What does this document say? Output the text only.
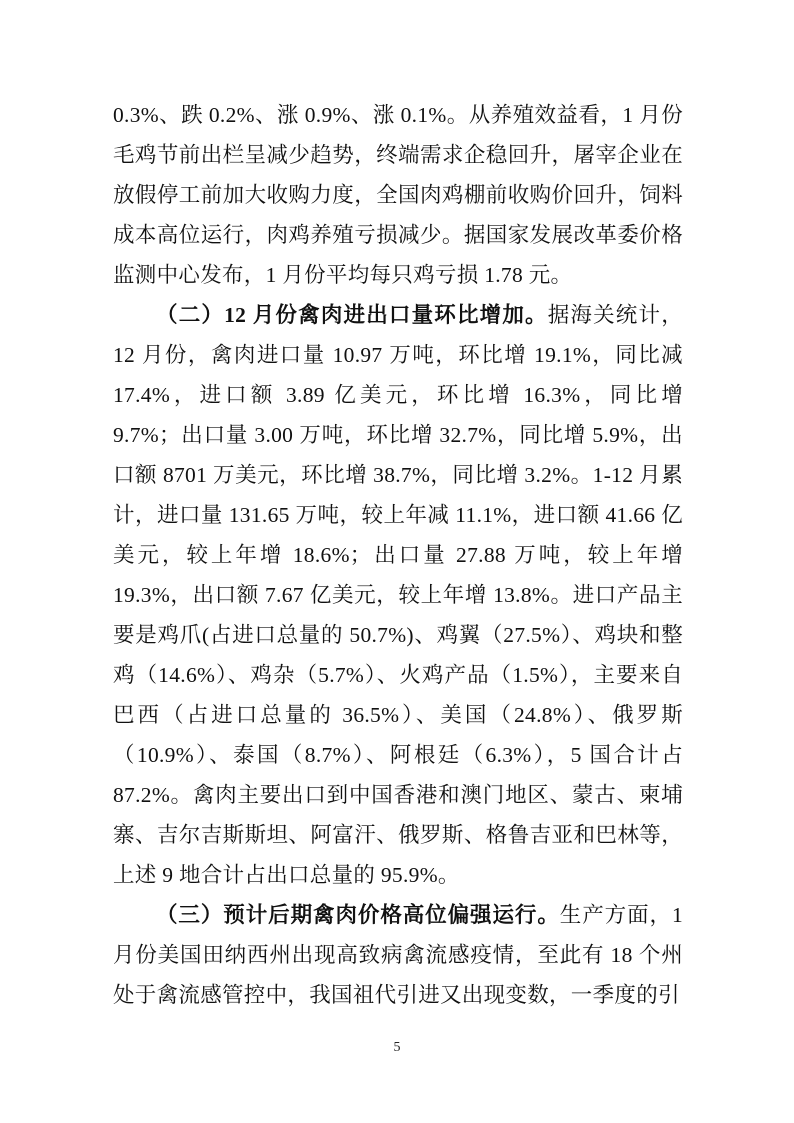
0.3%、跌 0.2%、涨 0.9%、涨 0.1%。从养殖效益看，1 月份毛鸡节前出栏呈减少趋势，终端需求企稳回升，屠宰企业在放假停工前加大收购力度，全国肉鸡棚前收购价回升，饲料成本高位运行，肉鸡养殖亏损减少。据国家发展改革委价格监测中心发布，1 月份平均每只鸡亏损 1.78 元。

（二）12 月份禽肉进出口量环比增加。据海关统计，12 月份，禽肉进口量 10.97 万吨，环比增 19.1%，同比减 17.4%，进口额 3.89 亿美元，环比增 16.3%，同比增 9.7%；出口量 3.00 万吨，环比增 32.7%，同比增 5.9%，出口额 8701 万美元，环比增 38.7%，同比增 3.2%。1-12 月累计，进口量 131.65 万吨，较上年减 11.1%，进口额 41.66 亿美元，较上年增 18.6%；出口量 27.88 万吨，较上年增 19.3%，出口额 7.67 亿美元，较上年增 13.8%。进口产品主要是鸡爪(占进口总量的 50.7%)、鸡翼（27.5%）、鸡块和整鸡（14.6%）、鸡杂（5.7%）、火鸡产品（1.5%），主要来自巴西（占进口总量的 36.5%）、美国（24.8%）、俄罗斯（10.9%）、泰国（8.7%）、阿根廷（6.3%），5 国合计占 87.2%。禽肉主要出口到中国香港和澳门地区、蒙古、柬埔寨、吉尔吉斯斯坦、阿富汗、俄罗斯、格鲁吉亚和巴林等，上述 9 地合计占出口总量的 95.9%。

（三）预计后期禽肉价格高位偏强运行。生产方面，1 月份美国田纳西州出现高致病禽流感疫情，至此有 18 个州处于禽流感管控中，我国祖代引进又出现变数，一季度的引

5
